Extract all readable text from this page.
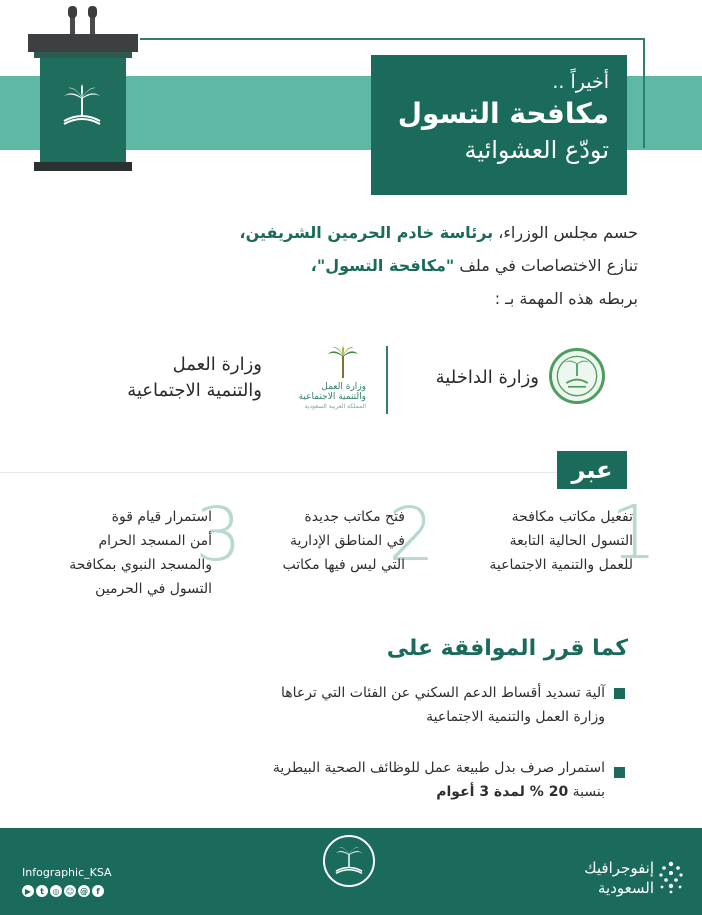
أخيراً ..
مكافحة التسول
تودّع العشوائية
حسم مجلس الوزراء، برئاسة خادم الحرمين الشريفين،
تنازع الاختصاصات في ملف "مكافحة التسول"،
بربطه هذه المهمة بـ :
وزارة الداخلية
وزارة العمل
والتنمية الاجتماعية
المملكة العربية السعودية
وزارة العمل
والتنمية الاجتماعية
عبر
1
تفعيل مكاتب مكافحة
التسول الحالية التابعة
للعمل والتنمية الاجتماعية
2
فتح مكاتب جديدة
في المناطق الإدارية
التي ليس فيها مكاتب
3
استمرار قيام قوة
أمن المسجد الحرام
والمسجد النبوي بمكافحة
التسول في الحرمين
كما قرر الموافقة على
آلية تسديد أقساط الدعم السكني عن الفئات التي ترعاها
وزارة العمل والتنمية الاجتماعية
استمرار صرف بدل طبيعة عمل للوظائف الصحية البيطرية
بنسبة 20 % لمدة 3 أعوام
Infographic_KSA
▶	t	◎ ☺ @	f
إنفوجرافيك
السعودية
